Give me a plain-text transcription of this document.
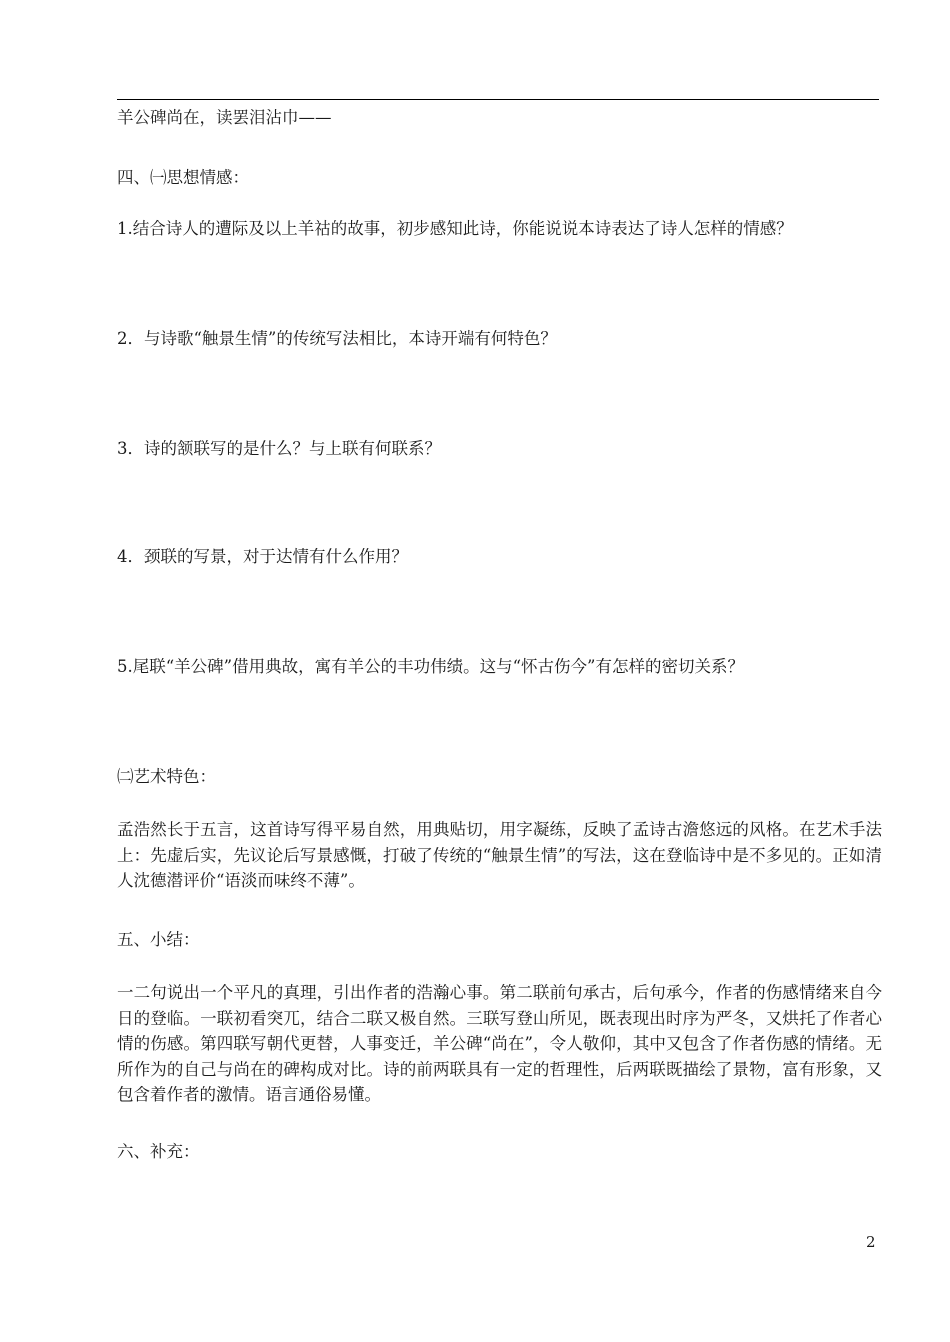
羊公碑尚在，读罢泪沾巾——
四、㈠思想情感：
1.结合诗人的遭际及以上羊祜的故事，初步感知此诗，你能说说本诗表达了诗人怎样的情感？
2．与诗歌“触景生情”的传统写法相比，本诗开端有何特色？
3．诗的颔联写的是什么？与上联有何联系？
4．颈联的写景，对于达情有什么作用？
5.尾联“羊公碑”借用典故，寓有羊公的丰功伟绩。这与“怀古伤今”有怎样的密切关系？
㈡艺术特色：
孟浩然长于五言，这首诗写得平易自然，用典贴切，用字凝练，反映了孟诗古澹悠远的风格。在艺术手法上：先虚后实，先议论后写景感慨，打破了传统的“触景生情”的写法，这在登临诗中是不多见的。正如清人沈德潜评价“语淡而味终不薄”。
五、小结：
一二句说出一个平凡的真理，引出作者的浩瀚心事。第二联前句承古，后句承今，作者的伤感情绪来自今日的登临。一联初看突兀，结合二联又极自然。三联写登山所见，既表现出时序为严冬，又烘托了作者心情的伤感。第四联写朝代更替，人事变迁，羊公碑“尚在”，令人敬仰，其中又包含了作者伤感的情绪。无所作为的自己与尚在的碑构成对比。诗的前两联具有一定的哲理性，后两联既描绘了景物，富有形象，又包含着作者的激情。语言通俗易懂。
六、补充：
2
